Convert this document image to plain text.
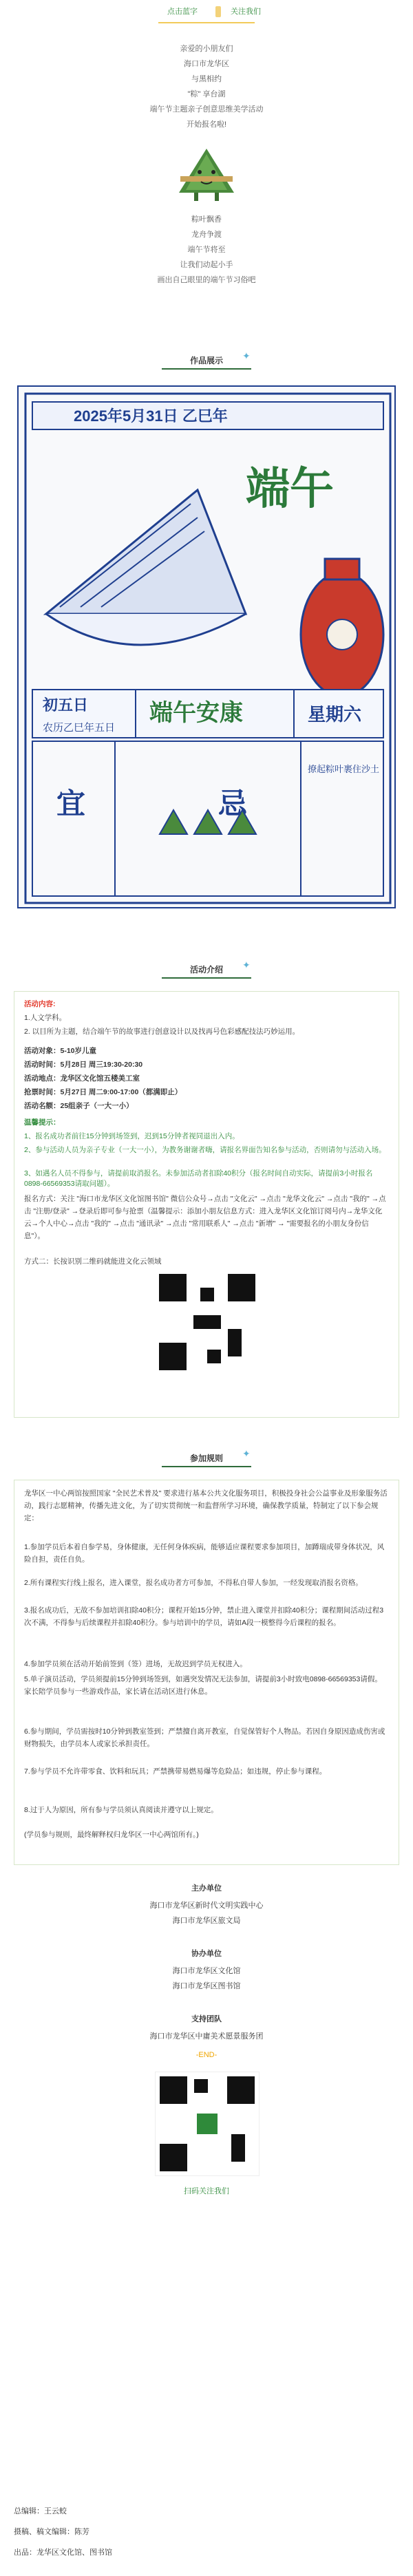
点击蓝字	关注我们
亲爱的小朋友们
海口市龙华区
与黑相约
"粽" 享台湖
端午节主题亲子创意思维美学活动
开始报名啦!
粽叶飘香
龙舟争渡
端午节将至
让我们动起小手
画出自己眼里的端午节习俗吧
作品展示	✦
2025年5月31日 乙巳年
端午
初五日
农历乙巳年五日
端午安康	星期六
宜	忌
撩起粽叶裹住沙土
活动介绍	✦
活动内容:
1.人文学科。
2. 以目所为主题，结合端午节的故事进行创意设计以及找再号色彩感配技法巧妙运用。
活动对象：5-10岁儿童
活动时间：5月28日 周三19:30-20:30
活动地点：龙华区文化馆五楼美工室
抢票时间：5月27日 周二9:00-17:00（都满即止）
活动名额：25组亲子（一大一小）
温馨提示：
1、报名成功者前往15分钟到场签到，迟到15分钟者视同退出入内。
2、参与活动人员为亲子专业（一大一小），为教务谢谢者嗨，请报名界面告知名参与活动，否则请勿与活动入场。
3、如遇名人员不得参与，请提前取消报名。未参加活动者扣除40积分（报名时间自动实际，请提前3小时报名0898-66569353请取问题）。
报名方式：关注 "海口市龙华区文化馆图书馆" 微信公众号→点击 "文化云" →点击 "龙华文化云" →点击 "我的" →点击 "注册/登录" →登录后即可参与抢票（温馨提示：添加小朋友信息方式：进入龙华区文化馆订阅号内→龙华文化云→个人中心→点击 "我的" →点击 "通讯录" →点击 "常用联系人" →点击 "新增" → "需要报名的小朋友身份信息"）。
方式二：长按识别二维码就能进文化云领域
参加规则	✦
龙华区一中心两馆按照国家 "全民艺术普及" 要求进行基本公共文化服务项目，积极投身社会公益事业及形象服务活动，践行志愿精神，传播先进文化，为了切实贯彻统一和监督所学习环境，确保教学质量，特制定了以下参会规定：
1.参加学员后本着自参学易，身体健康，无任何身体疾病，能够适应课程要求参加项目，加蹲瑞成带身体状况，风险自担，责任自负。
2.所有课程实行线上报名，进入课堂，报名成功者方可参加，不得私自带人参加，一经发现取消报名资格。
3.报名成功后，无故不参加培训扣除40积分；课程开始15分钟，禁止进入课堂并扣除40积分；课程期间活动过程3次不满，不得参与后续课程并扣除40积分。参与培训中的学员，请如A段一模整得今后课程的报名。
4.参加学员须在活动开始前签到（签）进场，无故迟到学员无权进入。
5.单子演员活动，学员须提前15分钟到场签到，如遇突发情况无法参加，请提前3小时致电0898-66569353请假。家长陪学员参与一些游戏作品，家长请在活动区进行休息。
6.参与期间，学员需按时10分钟到教室签到；严禁擅自离开教室，自觉保管好个人物品。若因自身原因造成伤害或财物损失，由学员本人或家长承担责任。
7.参与学员不允许带零食、饮料和玩具；严禁携带易燃易爆等危险品；如违规，停止参与课程。
8.过于人为原因，所有参与学员须认真阅读并遵守以上规定。
(学员参与规则，最终解释权归龙华区一中心两馆所有。)
主办单位
海口市龙华区新时代文明实践中心
海口市龙华区旅文局
协办单位
海口市龙华区文化馆
海口市龙华区图书馆
支持团队
海口市龙华区中庸美术愿景服务团
-END-
扫码关注我们
总编辑：王云蛟
摄稿、稿文编辑：陈芳
出品：龙华区文化馆、图书馆
